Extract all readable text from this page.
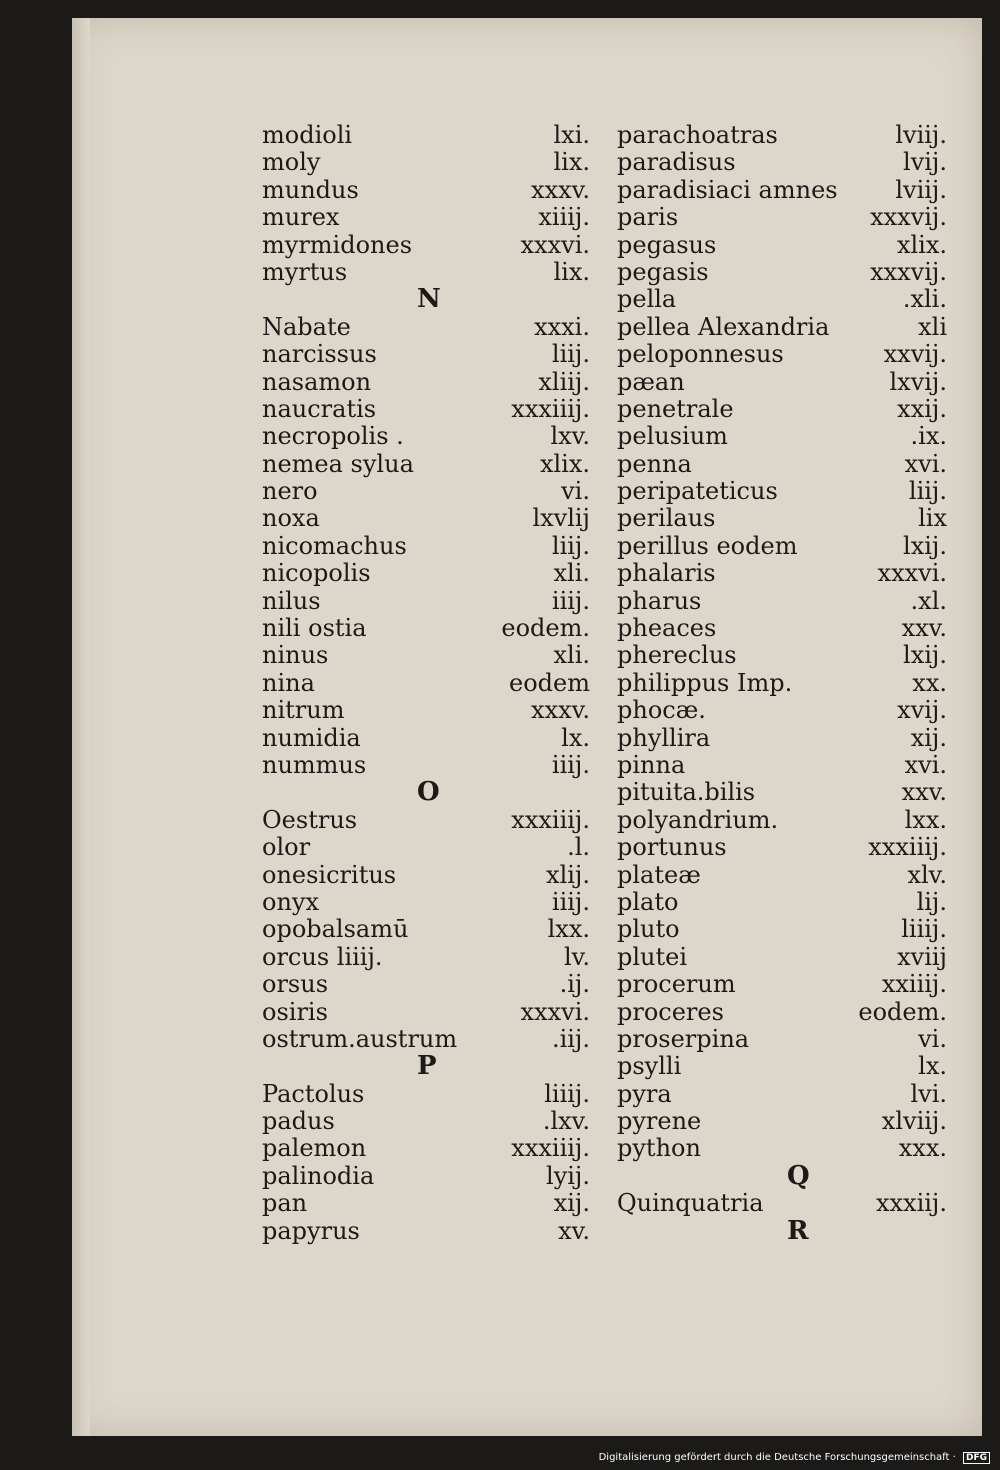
modioli	lxi.
moly	lix.
mundus	xxxv.
murex	xiiij.
myrmidones	xxxvi.
myrtus	lix.
N
Nabate	xxxi.
narcissus	liij.
nasamon	xliij.
naucratis	xxxiiij.
necropolis .	lxv.
nemea sylua	xlix.
nero	vi.
noxa	lxvlij
nicomachus	liij.
nicopolis	xli.
nilus	iiij.
nili ostia	eodem.
ninus	xli.
nina	eodem
nitrum	xxxv.
numidia	lx.
nummus	iiij.
O
Oestrus	xxxiiij.
olor	.l.
onesicritus	xlij.
onyx	iiij.
opobalsamū	lxx.
orcus liiij.	lv.
orsus	.ij.
osiris	xxxvi.
ostrum.austrum	.iij.
P
Pactolus	liiij.
padus	.lxv.
palemon	xxxiiij.
palinodia	lyij.
pan	xij.
papyrus	xv.
parachoatras	lviij.
paradisus	lvij.
paradisiaci amnes lviij.
paris	xxxvij.
pegasus	xlix.
pegasis	xxxvij.
pella	.xli.
pellea Alexandria	xli
peloponnesus	xxvij.
pæan	lxvij.
penetrale	xxij.
pelusium	.ix.
penna	xvi.
peripateticus	liij.
perilaus	lix
perillus eodem	lxij.
phalaris	xxxvi.
pharus	.xl.
pheaces	xxv.
phereclus	lxij.
philippus Imp.	xx.
phocæ.	xvij.
phyllira	xij.
pinna	xvi.
pituita.bilis	xxv.
polyandrium.	lxx.
portunus	xxxiiij.
plateæ	xlv.
plato	lij.
pluto	liiij.
plutei	xviij
procerum	xxiiij.
proceres	eodem.
proserpina	vi.
psylli	lx.
pyra	lvi.
pyrene	xlviij.
python	xxx.
Q
Quinquatria	xxxiij.
R
Digitalisierung gefördert durch die Deutsche Forschungsgemeinschaft · DFG
